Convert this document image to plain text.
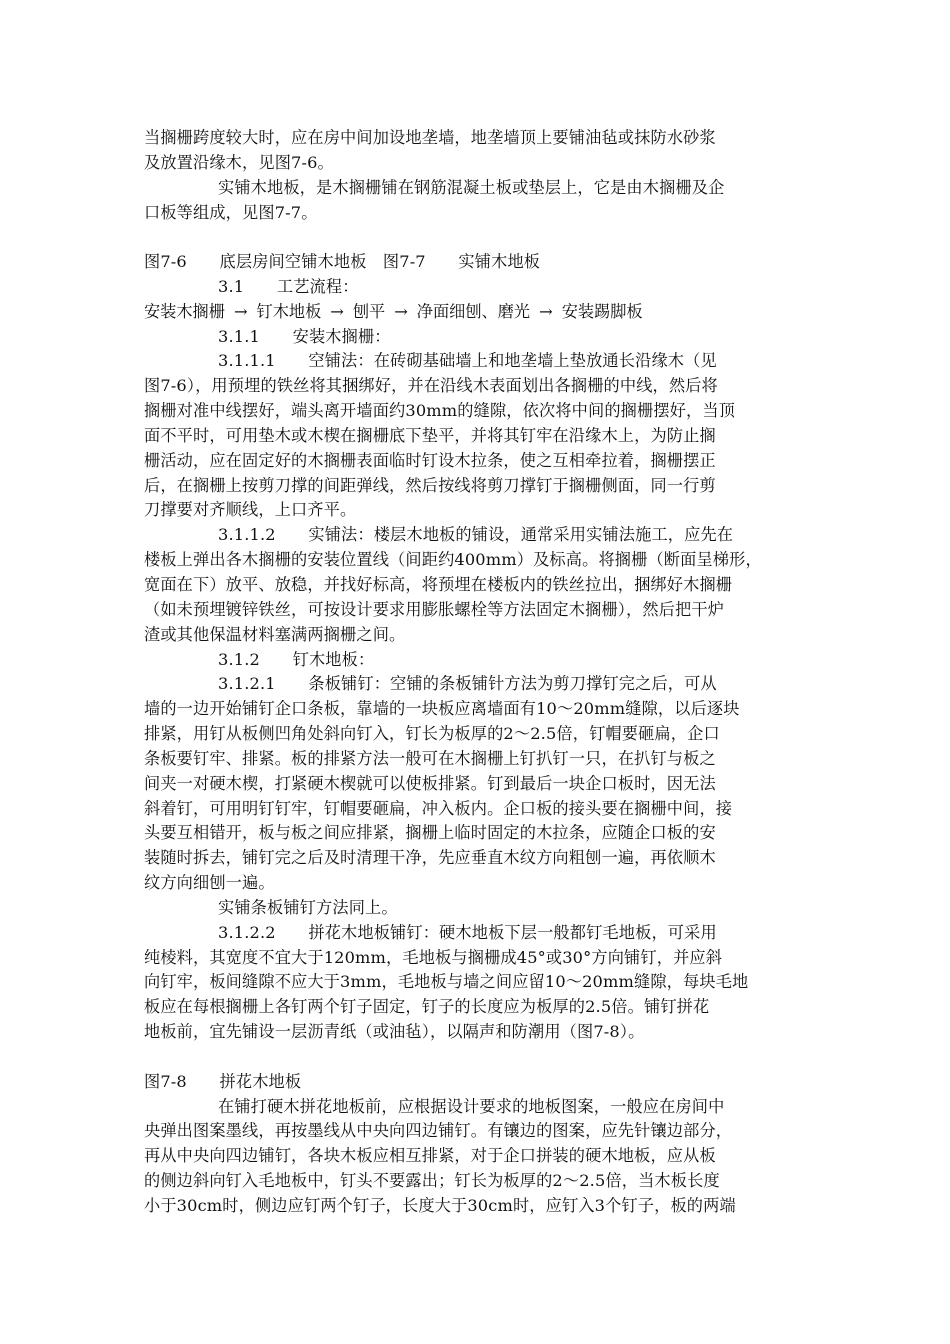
当搁栅跨度较大时，应在房中间加设地垄墙，地垄墙顶上要铺油毡或抹防水砂浆
及放置沿缘木，见图7-6。
实铺木地板，是木搁栅铺在钢筋混凝土板或垫层上，它是由木搁栅及企
口板等组成，见图7-7。
图7-6　　底层房间空铺木地板　图7-7　　实铺木地板
3.1　　工艺流程：
安装木搁栅 → 钉木地板 → 刨平 → 净面细刨、磨光 → 安装踢脚板
3.1.1　　安装木搁栅：
3.1.1.1　　空铺法：在砖砌基础墙上和地垄墙上垫放通长沿缘木（见
图7-6），用预埋的铁丝将其捆绑好，并在沿线木表面划出各搁栅的中线，然后将
搁栅对准中线摆好，端头离开墙面约30mm的缝隙，依次将中间的搁栅摆好，当顶
面不平时，可用垫木或木楔在搁栅底下垫平，并将其钉牢在沿缘木上，为防止搁
栅活动，应在固定好的木搁栅表面临时钉设木拉条，使之互相牵拉着，搁栅摆正
后，在搁栅上按剪刀撑的间距弹线，然后按线将剪刀撑钉于搁栅侧面，同一行剪
刀撑要对齐顺线，上口齐平。
3.1.1.2　　实铺法：楼层木地板的铺设，通常采用实铺法施工，应先在
楼板上弹出各木搁栅的安装位置线（间距约400mm）及标高。将搁栅（断面呈梯形，
宽面在下）放平、放稳，并找好标高，将预埋在楼板内的铁丝拉出，捆绑好木搁栅
（如未预埋镀锌铁丝，可按设计要求用膨胀螺栓等方法固定木搁栅），然后把干炉
渣或其他保温材料塞满两搁栅之间。
3.1.2　　钉木地板：
3.1.2.1　　条板铺钉：空铺的条板铺针方法为剪刀撑钉完之后，可从
墙的一边开始铺钉企口条板，靠墙的一块板应离墙面有10～20mm缝隙，以后逐块
排紧，用钉从板侧凹角处斜向钉入，钉长为板厚的2～2.5倍，钉帽要砸扁，企口
条板要钉牢、排紧。板的排紧方法一般可在木搁栅上钉扒钉一只，在扒钉与板之
间夹一对硬木楔，打紧硬木楔就可以使板排紧。钉到最后一块企口板时，因无法
斜着钉，可用明钉钉牢，钉帽要砸扁，冲入板内。企口板的接头要在搁栅中间，接
头要互相错开，板与板之间应排紧，搁栅上临时固定的木拉条，应随企口板的安
装随时拆去，铺钉完之后及时清理干净，先应垂直木纹方向粗刨一遍，再依顺木
纹方向细刨一遍。
实铺条板铺钉方法同上。
3.1.2.2　　拼花木地板铺钉：硬木地板下层一般都钉毛地板，可采用
纯棱料，其宽度不宜大于120mm，毛地板与搁栅成45°或30°方向铺钉，并应斜
向钉牢，板间缝隙不应大于3mm，毛地板与墙之间应留10～20mm缝隙，每块毛地
板应在每根搁栅上各钉两个钉子固定，钉子的长度应为板厚的2.5倍。铺钉拼花
地板前，宜先铺设一层沥青纸（或油毡），以隔声和防潮用（图7-8）。
图7-8　　拼花木地板
在铺打硬木拼花地板前，应根据设计要求的地板图案，一般应在房间中
央弹出图案墨线，再按墨线从中央向四边铺钉。有镶边的图案，应先针镶边部分，
再从中央向四边铺钉，各块木板应相互排紧，对于企口拼装的硬木地板，应从板
的侧边斜向钉入毛地板中，钉头不要露出；钉长为板厚的2～2.5倍，当木板长度
小于30cm时，侧边应钉两个钉子，长度大于30cm时，应钉入3个钉子，板的两端
